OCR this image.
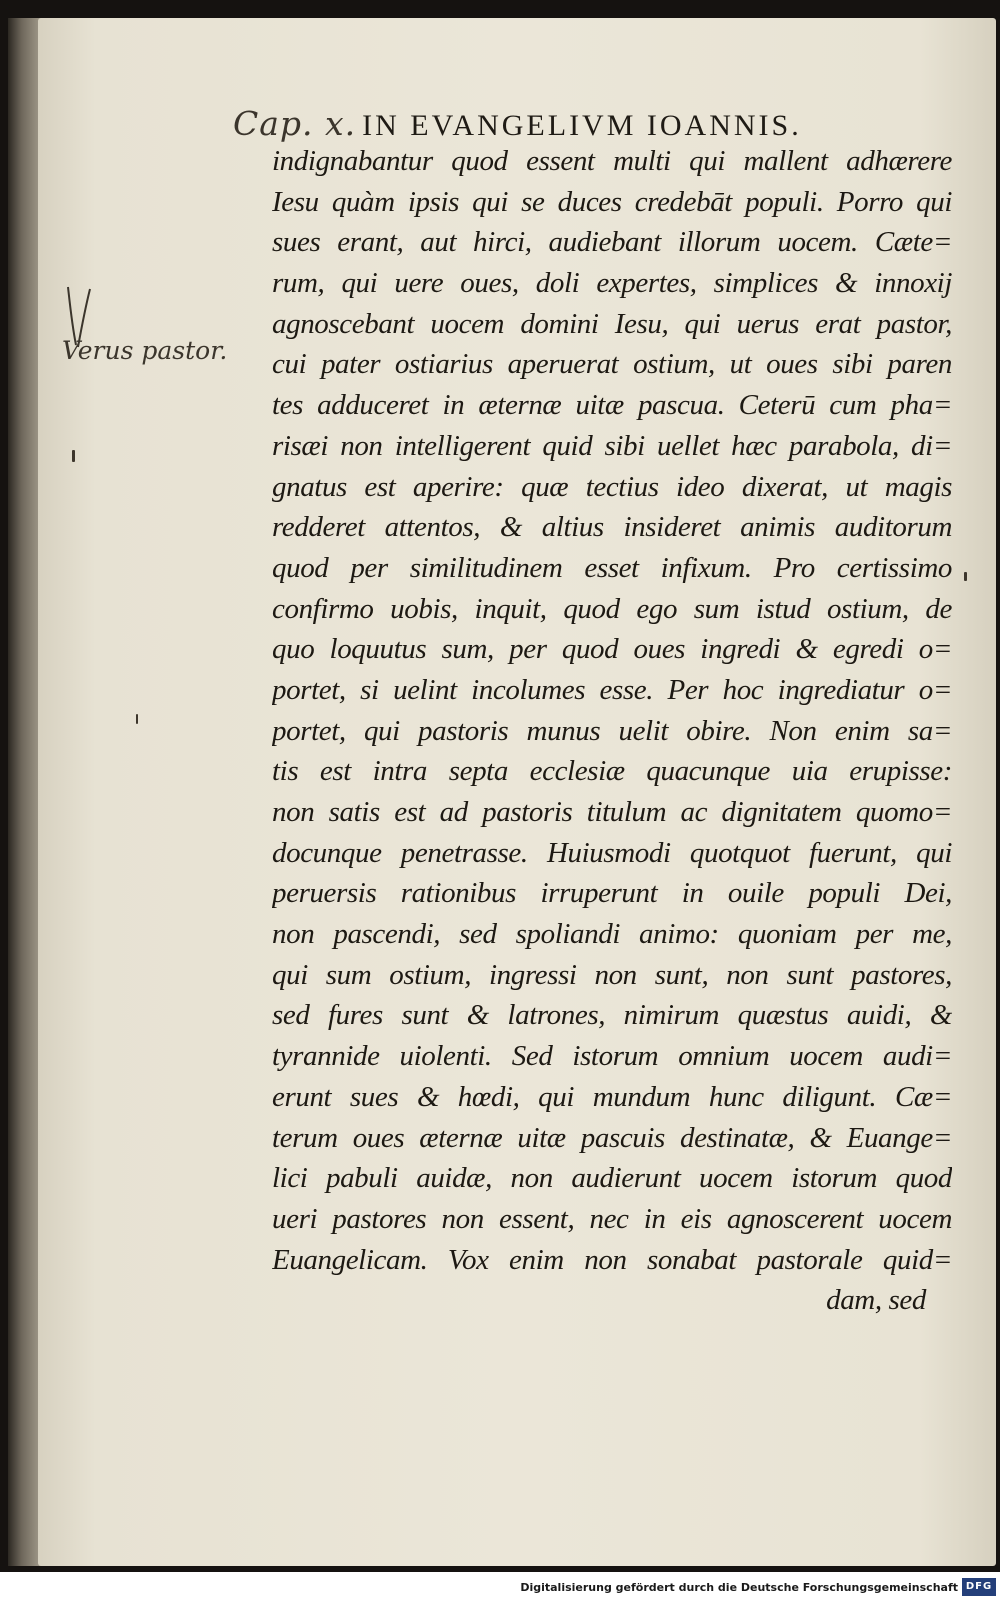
Cap. x. IN EVANGELIVM IOANNIS.
Verus pastor.
indignabantur quod essent multi qui mallent adhærere
Iesu quàm ipsis qui se duces credebāt populi. Porro qui
sues erant, aut hirci, audiebant illorum uocem. Cæte=
rum, qui uere oues, doli expertes, simplices & innoxij
agnoscebant uocem domini Iesu, qui uerus erat pastor,
cui pater ostiarius aperuerat ostium, ut oues sibi paren
tes adduceret in æternæ uitæ pascua. Ceterū cum pha=
risæi non intelligerent quid sibi uellet hæc parabola, di=
gnatus est aperire: quæ tectius ideo dixerat, ut magis
redderet attentos, & altius insideret animis auditorum
quod per similitudinem esset infixum. Pro certissimo
confirmo uobis, inquit, quod ego sum istud ostium, de
quo loquutus sum, per quod oues ingredi & egredi o=
portet, si uelint incolumes esse. Per hoc ingrediatur o=
portet, qui pastoris munus uelit obire. Non enim sa=
tis est intra septa ecclesiæ quacunque uia erupisse:
non satis est ad pastoris titulum ac dignitatem quomo=
docunque penetrasse. Huiusmodi quotquot fuerunt, qui
peruersis rationibus irruperunt in ouile populi Dei,
non pascendi, sed spoliandi animo: quoniam per me,
qui sum ostium, ingressi non sunt, non sunt pastores,
sed fures sunt & latrones, nimirum quæstus auidi, &
tyrannide uiolenti. Sed istorum omnium uocem audi=
erunt sues & hœdi, qui mundum hunc diligunt. Cæ=
terum oues æternæ uitæ pascuis destinatæ, & Euange=
lici pabuli auidæ, non audierunt uocem istorum quod
ueri pastores non essent, nec in eis agnoscerent uocem
Euangelicam. Vox enim non sonabat pastorale quid=
dam, sed
Digitalisierung gefördert durch die Deutsche Forschungsgemeinschaft DFG
